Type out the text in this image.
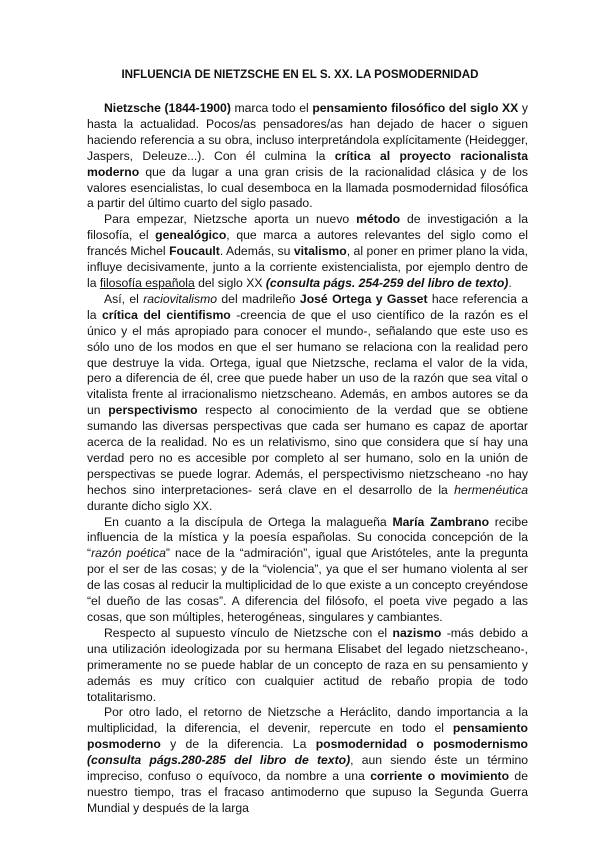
INFLUENCIA DE NIETZSCHE EN EL S. XX. LA POSMODERNIDAD

Nietzsche (1844-1900) marca todo el pensamiento filosófico del siglo XX y hasta la actualidad. Pocos/as pensadores/as han dejado de hacer o siguen haciendo referencia a su obra, incluso interpretándola explícitamente (Heidegger, Jaspers, Deleuze...). Con él culmina la crítica al proyecto racionalista moderno que da lugar a una gran crisis de la racionalidad clásica y de los valores esencialistas, lo cual desemboca en la llamada posmodernidad filosófica a partir del último cuarto del siglo pasado.

Para empezar, Nietzsche aporta un nuevo método de investigación a la filosofía, el genealógico, que marca a autores relevantes del siglo como el francés Michel Foucault. Además, su vitalismo, al poner en primer plano la vida, influye decisivamente, junto a la corriente existencialista, por ejemplo dentro de la filosofía española del siglo XX (consulta págs. 254-259 del libro de texto).

Así, el raciovitalismo del madrileño José Ortega y Gasset hace referencia a la crítica del cientifismo -creencia de que el uso científico de la razón es el único y el más apropiado para conocer el mundo-, señalando que este uso es sólo uno de los modos en que el ser humano se relaciona con la realidad pero que destruye la vida. Ortega, igual que Nietzsche, reclama el valor de la vida, pero a diferencia de él, cree que puede haber un uso de la razón que sea vital o vitalista frente al irracionalismo nietzscheano. Además, en ambos autores se da un perspectivismo respecto al conocimiento de la verdad que se obtiene sumando las diversas perspectivas que cada ser humano es capaz de aportar acerca de la realidad. No es un relativismo, sino que considera que sí hay una verdad pero no es accesible por completo al ser humano, solo en la unión de perspectivas se puede lograr. Además, el perspectivismo nietzscheano -no hay hechos sino interpretaciones- será clave en el desarrollo de la hermenéutica durante dicho siglo XX.

En cuanto a la discípula de Ortega la malagueña María Zambrano recibe influencia de la mística y la poesía españolas. Su conocida concepción de la “razón poética” nace de la “admiración”, igual que Aristóteles, ante la pregunta por el ser de las cosas; y de la “violencia”, ya que el ser humano violenta al ser de las cosas al reducir la multiplicidad de lo que existe a un concepto creyéndose “el dueño de las cosas”. A diferencia del filósofo, el poeta vive pegado a las cosas, que son múltiples, heterogéneas, singulares y cambiantes.

Respecto al supuesto vínculo de Nietzsche con el nazismo -más debido a una utilización ideologizada por su hermana Elisabet del legado nietzscheano-, primeramente no se puede hablar de un concepto de raza en su pensamiento y además es muy crítico con cualquier actitud de rebaño propia de todo totalitarismo.

Por otro lado, el retorno de Nietzsche a Heráclito, dando importancia a la multiplicidad, la diferencia, el devenir, repercute en todo el pensamiento posmoderno y de la diferencia. La posmodernidad o posmodernismo (consulta págs.280-285 del libro de texto), aun siendo éste un término impreciso, confuso o equívoco, da nombre a una corriente o movimiento de nuestro tiempo, tras el fracaso antimoderno que supuso la Segunda Guerra Mundial y después de la larga
